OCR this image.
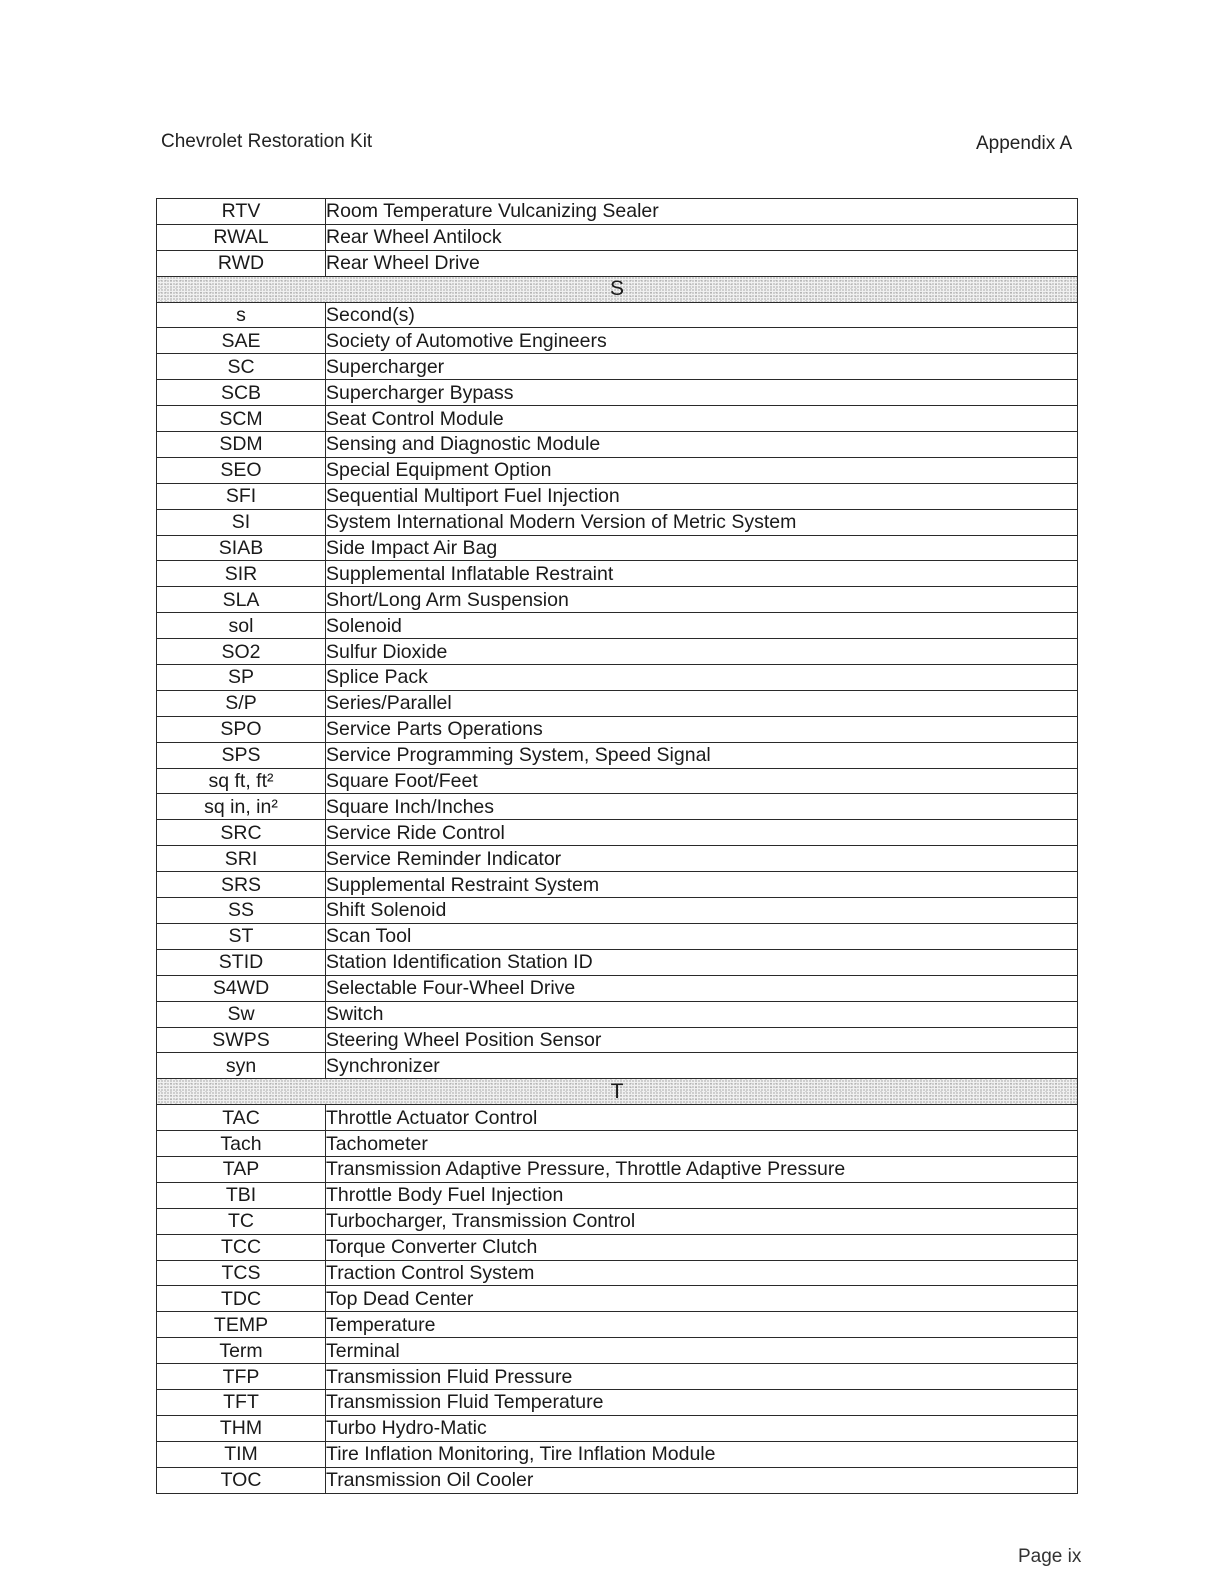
Chevrolet Restoration Kit	Appendix A
RTV	Room Temperature Vulcanizing Sealer
RWAL	Rear Wheel Antilock
RWD	Rear Wheel Drive
S	
s	Second(s)
SAE	Society of Automotive Engineers
SC	Supercharger
SCB	Supercharger Bypass
SCM	Seat Control Module
SDM	Sensing and Diagnostic Module
SEO	Special Equipment Option
SFI	Sequential Multiport Fuel Injection
SI	System International Modern Version of Metric System
SIAB	Side Impact Air Bag
SIR	Supplemental Inflatable Restraint
SLA	Short/Long Arm Suspension
sol	Solenoid
SO2	Sulfur Dioxide
SP	Splice Pack
S/P	Series/Parallel
SPO	Service Parts Operations
SPS	Service Programming System, Speed Signal
sq ft, ft²	Square Foot/Feet
sq in, in²	Square Inch/Inches
SRC	Service Ride Control
SRI	Service Reminder Indicator
SRS	Supplemental Restraint System
SS	Shift Solenoid
ST	Scan Tool
STID	Station Identification Station ID
S4WD	Selectable Four-Wheel Drive
Sw	Switch
SWPS	Steering Wheel Position Sensor
syn	Synchronizer
T	
TAC	Throttle Actuator Control
Tach	Tachometer
TAP	Transmission Adaptive Pressure, Throttle Adaptive Pressure
TBI	Throttle Body Fuel Injection
TC	Turbocharger, Transmission Control
TCC	Torque Converter Clutch
TCS	Traction Control System
TDC	Top Dead Center
TEMP	Temperature
Term	Terminal
TFP	Transmission Fluid Pressure
TFT	Transmission Fluid Temperature
THM	Turbo Hydro-Matic
TIM	Tire Inflation Monitoring, Tire Inflation Module
TOC	Transmission Oil Cooler
Page ix
